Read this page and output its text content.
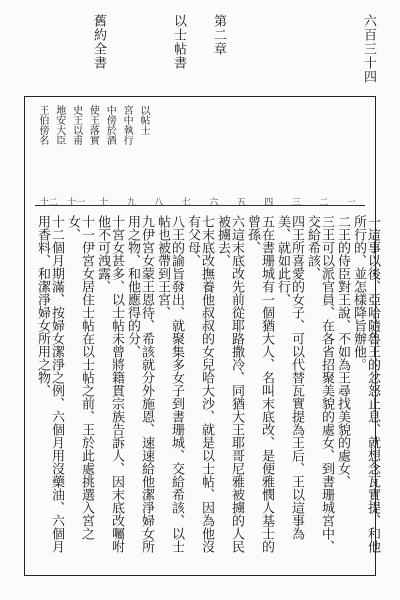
舊約全書	以士帖書 第二章	六百三十四
王伯傍名 地安大臣 史王以甫 使王落實 中傍於酒 宮中執行 以帖士
十二	十一	十	九	八	七	六	五	四	三	二	一
十二個月期滿、按婦女潔淨之例、六個月用沒藥油、六個月用香料、和潔淨婦女所用之物、	十一伊宮女居住士帖在以士帖之前、王於此處挑選入宮之女、	十宮女甚多、以士帖未曾將籍貫宗族告訴人、因末底改囑咐他不可洩露、	九伊宮女蒙王恩待、希該就分外施恩、速速給他潔淨婦女所用之物、和他應得的分、	八王的諭旨發出、就聚集多女子到書珊城、交給希該、以士帖也被帶到王宮、	七末底改撫養他叔叔的女兒哈大沙、就是以士帖、因為他沒有父母、	六這末底改先前從耶路撒冷、同猶大王耶哥尼雅被擄的人民被擄去、	五在書珊城有一個猶大人、名叫末底改、是便雅憫人基士的曾孫、	四王所喜愛的女子、可以代替瓦實提為王后、王以這事為美、就如此行、	三王可以派官員、在各省招聚美貌的處女、到書珊城宮中、交給希該、	二王的侍臣對王說、不如為王尋找美貌的處女、	一這事以後、亞哈隨魯王的忿怒止息、就想念瓦實提、和他所行的、並怎樣降旨辦他。
